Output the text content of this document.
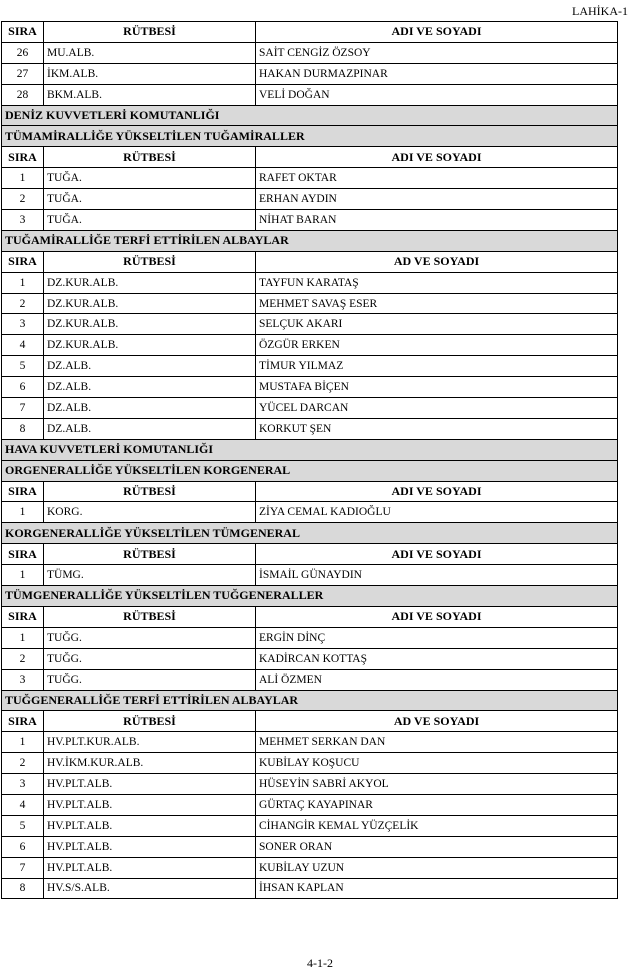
LAHİKA-1
SIRA	RÜTBESİ	ADI VE SOYADI
26	MU.ALB.	SAİT CENGİZ ÖZSOY
27	İKM.ALB.	HAKAN DURMAZPINAR
28	BKM.ALB.	VELİ DOĞAN
DENİZ KUVVETLERİ KOMUTANLIĞI		
TÜMAMİRALLİĞE YÜKSELTİLEN TUĞAMİRALLER		
SIRA	RÜTBESİ	ADI VE SOYADI
1	TUĞA.	RAFET OKTAR
2	TUĞA.	ERHAN AYDIN
3	TUĞA.	NİHAT BARAN
TUĞAMİRALLİĞE TERFİ ETTİRİLEN ALBAYLAR		
SIRA	RÜTBESİ	AD VE SOYADI
1	DZ.KUR.ALB.	TAYFUN KARATAŞ
2	DZ.KUR.ALB.	MEHMET SAVAŞ ESER
3	DZ.KUR.ALB.	SELÇUK AKARI
4	DZ.KUR.ALB.	ÖZGÜR ERKEN
5	DZ.ALB.	TİMUR YILMAZ
6	DZ.ALB.	MUSTAFA BİÇEN
7	DZ.ALB.	YÜCEL DARCAN
8	DZ.ALB.	KORKUT ŞEN
HAVA KUVVETLERİ KOMUTANLIĞI		
ORGENERALLİĞE YÜKSELTİLEN KORGENERAL		
SIRA	RÜTBESİ	ADI VE SOYADI
1	KORG.	ZİYA CEMAL KADIOĞLU
KORGENERALLİĞE YÜKSELTİLEN TÜMGENERAL		
SIRA	RÜTBESİ	ADI VE SOYADI
1	TÜMG.	İSMAİL GÜNAYDIN
TÜMGENERALLİĞE YÜKSELTİLEN TUĞGENERALLER		
SIRA	RÜTBESİ	ADI VE SOYADI
1	TUĞG.	ERGİN DİNÇ
2	TUĞG.	KADİRCAN KOTTAŞ
3	TUĞG.	ALİ ÖZMEN
TUĞGENERALLİĞE TERFİ ETTİRİLEN ALBAYLAR		
SIRA	RÜTBESİ	AD VE SOYADI
1	HV.PLT.KUR.ALB.	MEHMET SERKAN DAN
2	HV.İKM.KUR.ALB.	KUBİLAY KOŞUCU
3	HV.PLT.ALB.	HÜSEYİN SABRİ AKYOL
4	HV.PLT.ALB.	GÜRTAÇ KAYAPINAR
5	HV.PLT.ALB.	CİHANGİR KEMAL YÜZÇELİK
6	HV.PLT.ALB.	SONER ORAN
7	HV.PLT.ALB.	KUBİLAY UZUN
8	HV.S/S.ALB.	İHSAN KAPLAN
4-1-2
